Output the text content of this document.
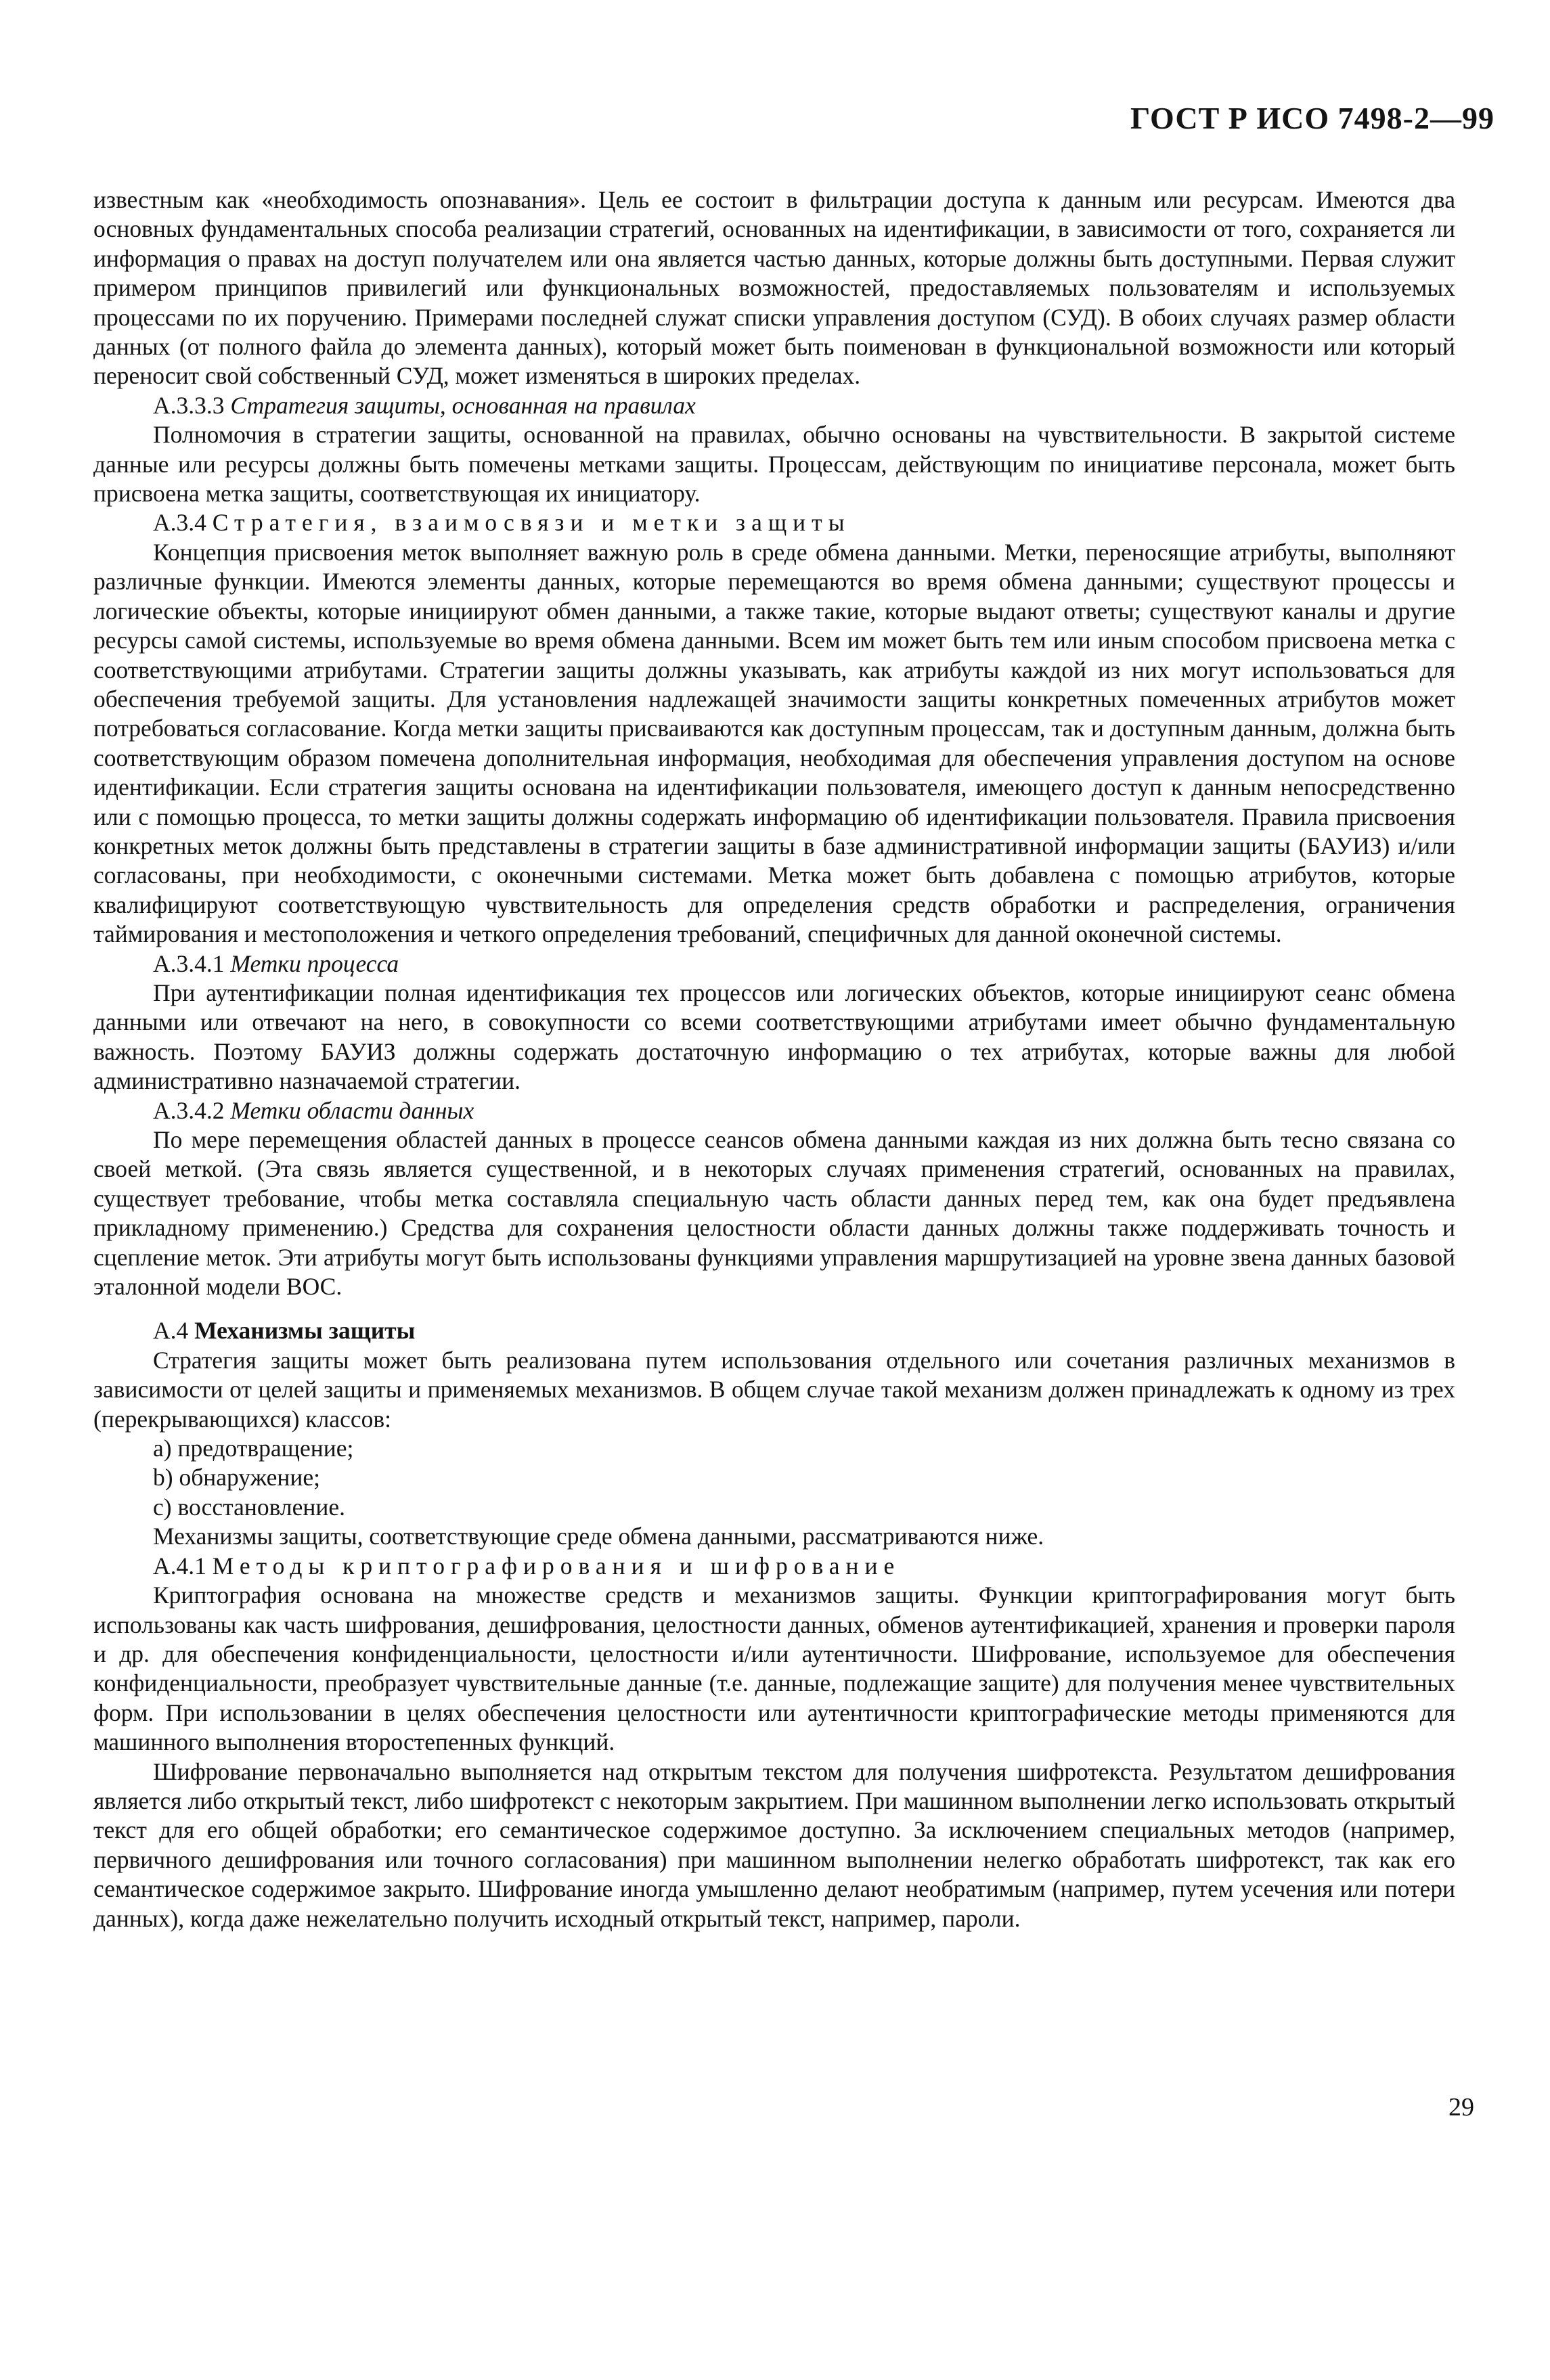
ГОСТ Р ИСО 7498-2—99

известным как «необходимость опознавания». Цель ее состоит в фильтрации доступа к данным или ресурсам. Имеются два основных фундаментальных способа реализации стратегий, основанных на идентификации, в зависимости от того, сохраняется ли информация о правах на доступ получателем или она является частью данных, которые должны быть доступными. Первая служит примером принципов привилегий или функциональных возможностей, предоставляемых пользователям и используемых процессами по их поручению. Примерами последней служат списки управления доступом (СУД). В обоих случаях размер области данных (от полного файла до элемента данных), который может быть поименован в функциональной возможности или который переносит свой собственный СУД, может изменяться в широких пределах.

А.3.3.3 Стратегия защиты, основанная на правилах

Полномочия в стратегии защиты, основанной на правилах, обычно основаны на чувствительности. В закрытой системе данные или ресурсы должны быть помечены метками защиты. Процессам, действующим по инициативе персонала, может быть присвоена метка защиты, соответствующая их инициатору.

А.3.4 Стратегия, взаимосвязи и метки защиты

Концепция присвоения меток выполняет важную роль в среде обмена данными. Метки, переносящие атрибуты, выполняют различные функции. Имеются элементы данных, которые перемещаются во время обмена данными; существуют процессы и логические объекты, которые инициируют обмен данными, а также такие, которые выдают ответы; существуют каналы и другие ресурсы самой системы, используемые во время обмена данными. Всем им может быть тем или иным способом присвоена метка с соответствующими атрибутами. Стратегии защиты должны указывать, как атрибуты каждой из них могут использоваться для обеспечения требуемой защиты. Для установления надлежащей значимости защиты конкретных помеченных атрибутов может потребоваться согласование. Когда метки защиты присваиваются как доступным процессам, так и доступным данным, должна быть соответствующим образом помечена дополнительная информация, необходимая для обеспечения управления доступом на основе идентификации. Если стратегия защиты основана на идентификации пользователя, имеющего доступ к данным непосредственно или с помощью процесса, то метки защиты должны содержать информацию об идентификации пользователя. Правила присвоения конкретных меток должны быть представлены в стратегии защиты в базе административной информации защиты (БАУИЗ) и/или согласованы, при необходимости, с оконечными системами. Метка может быть добавлена с помощью атрибутов, которые квалифицируют соответствующую чувствительность для определения средств обработки и распределения, ограничения таймирования и местоположения и четкого определения требований, специфичных для данной оконечной системы.

А.3.4.1 Метки процесса

При аутентификации полная идентификация тех процессов или логических объектов, которые инициируют сеанс обмена данными или отвечают на него, в совокупности со всеми соответствующими атрибутами имеет обычно фундаментальную важность. Поэтому БАУИЗ должны содержать достаточную информацию о тех атрибутах, которые важны для любой административно назначаемой стратегии.

А.3.4.2 Метки области данных

По мере перемещения областей данных в процессе сеансов обмена данными каждая из них должна быть тесно связана со своей меткой. (Эта связь является существенной, и в некоторых случаях применения стратегий, основанных на правилах, существует требование, чтобы метка составляла специальную часть области данных перед тем, как она будет предъявлена прикладному применению.) Средства для сохранения целостности области данных должны также поддерживать точность и сцепление меток. Эти атрибуты могут быть использованы функциями управления маршрутизацией на уровне звена данных базовой эталонной модели ВОС.

А.4 Механизмы защиты

Стратегия защиты может быть реализована путем использования отдельного или сочетания различных механизмов в зависимости от целей защиты и применяемых механизмов. В общем случае такой механизм должен принадлежать к одному из трех (перекрывающихся) классов:

а) предотвращение;

b) обнаружение;

с) восстановление.

Механизмы защиты, соответствующие среде обмена данными, рассматриваются ниже.

А.4.1 Методы криптографирования и шифрование

Криптография основана на множестве средств и механизмов защиты. Функции криптографирования могут быть использованы как часть шифрования, дешифрования, целостности данных, обменов аутентификацией, хранения и проверки пароля и др. для обеспечения конфиденциальности, целостности и/или аутентичности. Шифрование, используемое для обеспечения конфиденциальности, преобразует чувствительные данные (т.е. данные, подлежащие защите) для получения менее чувствительных форм. При использовании в целях обеспечения целостности или аутентичности криптографические методы применяются для машинного выполнения второстепенных функций.

Шифрование первоначально выполняется над открытым текстом для получения шифротекста. Результатом дешифрования является либо открытый текст, либо шифротекст с некоторым закрытием. При машинном выполнении легко использовать открытый текст для его общей обработки; его семантическое содержимое доступно. За исключением специальных методов (например, первичного дешифрования или точного согласования) при машинном выполнении нелегко обработать шифротекст, так как его семантическое содержимое закрыто. Шифрование иногда умышленно делают необратимым (например, путем усечения или потери данных), когда даже нежелательно получить исходный открытый текст, например, пароли.

29
